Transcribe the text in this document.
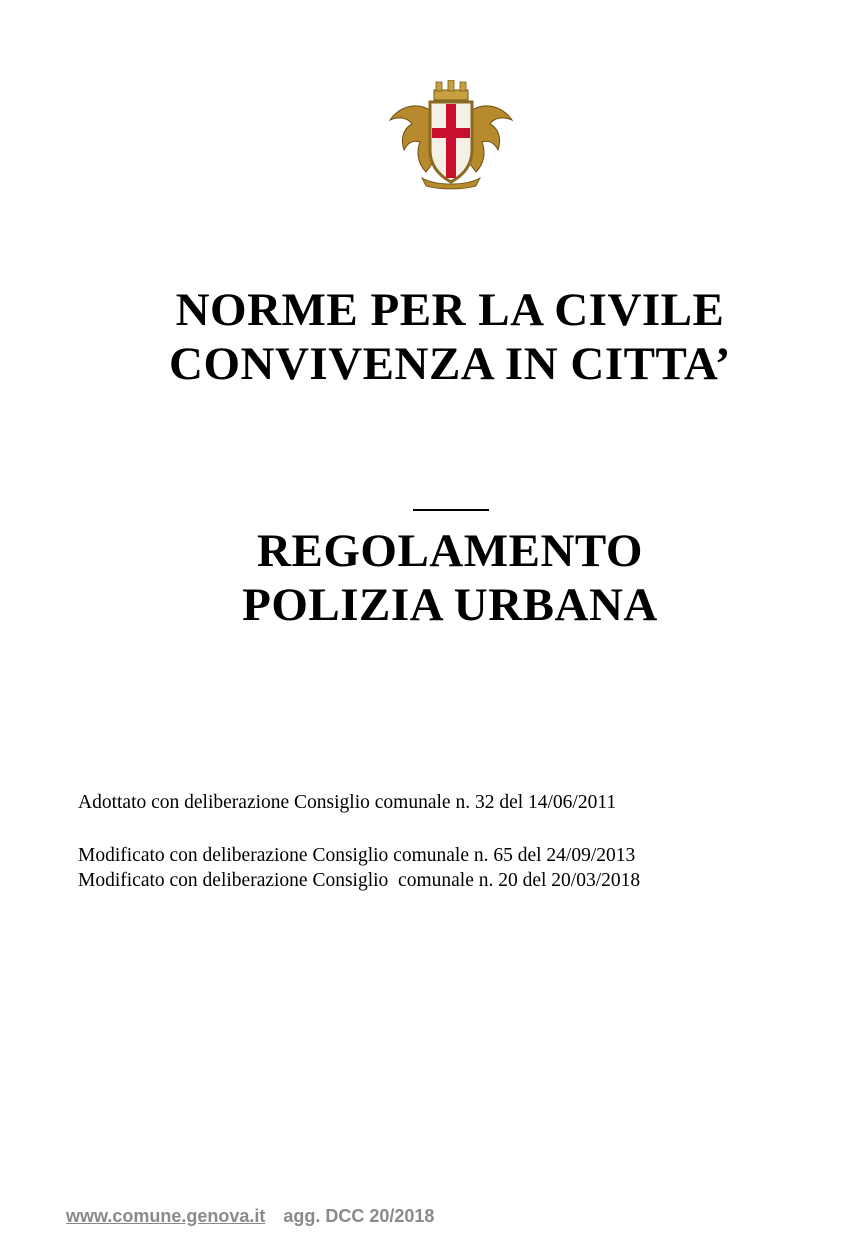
NORME PER LA CIVILE
CONVIVENZA IN CITTA’
REGOLAMENTO
POLIZIA URBANA
Adottato con deliberazione Consiglio comunale n. 32 del 14/06/2011
Modificato con deliberazione Consiglio comunale n. 65 del 24/09/2013
Modificato con deliberazione Consiglio  comunale n. 20 del 20/03/2018
www.comune.genova.it agg. DCC 20/2018
